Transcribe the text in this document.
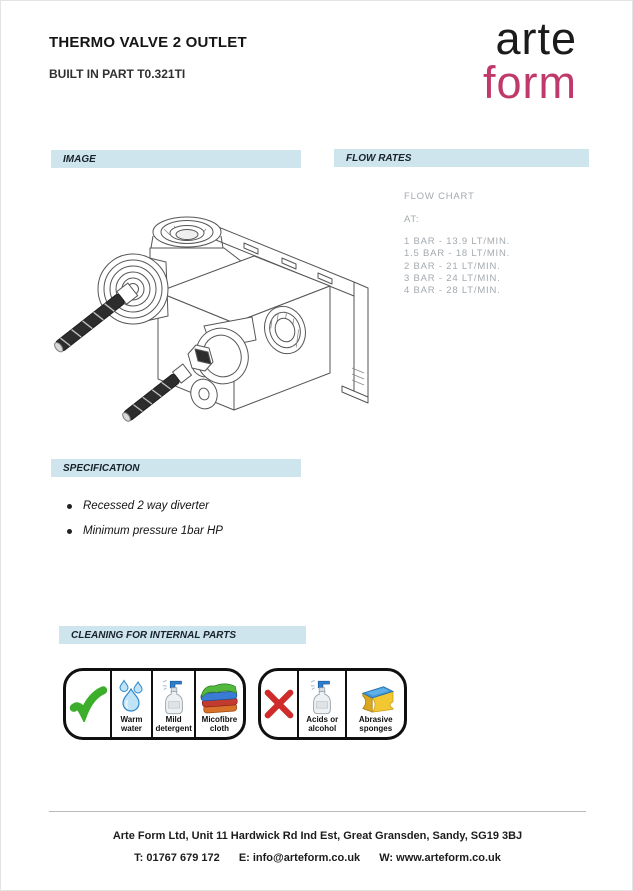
THERMO VALVE 2 OUTLET
BUILT IN PART T0.321TI
arte
form
IMAGE	FLOW RATES
FLOW CHART
AT:
1 BAR - 13.9 LT/MIN.
1.5 BAR - 18 LT/MIN.
2 BAR - 21 LT/MIN.
3 BAR - 24 LT/MIN.
4 BAR - 28 LT/MIN.
SPECIFICATION
Recessed 2 way diverter
Minimum pressure 1bar HP
CLEANING FOR INTERNAL PARTS
Warm water
Mild detergent
Micofibre cloth
Acids or alcohol
Abrasive sponges
Arte Form Ltd, Unit 11 Hardwick Rd Ind Est, Great Gransden, Sandy, SG19 3BJ
T: 01767 679 172 E: info@arteform.co.uk W: www.arteform.co.uk
